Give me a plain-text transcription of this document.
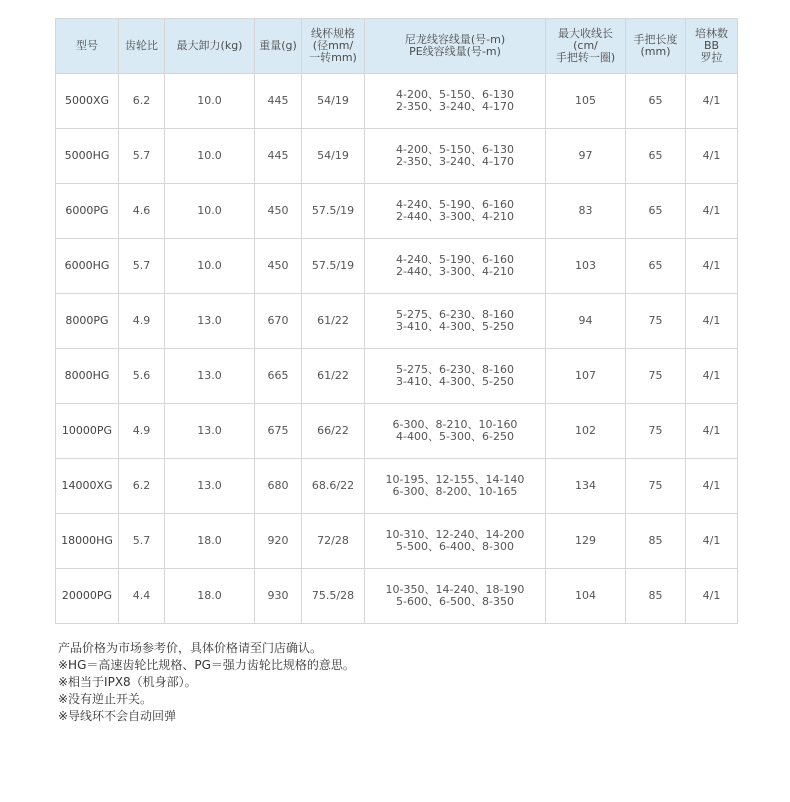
型号	齿轮比	最大卸力(kg)	重量(g)	线杯规格
(径mm/
一转mm)	尼龙线容线量(号-m)
PE线容线量(号-m)	最大收线长
(cm/
手把转一圈)	手把长度
(mm)	培林数
BB
罗拉

5000XG	6.2	10.0	445	54/19	4-200、5-150、6-130
2-350、3-240、4-170	105	65	4/1
5000HG	5.7	10.0	445	54/19	4-200、5-150、6-130
2-350、3-240、4-170	97	65	4/1
6000PG	4.6	10.0	450	57.5/19	4-240、5-190、6-160
2-440、3-300、4-210	83	65	4/1
6000HG	5.7	10.0	450	57.5/19	4-240、5-190、6-160
2-440、3-300、4-210	103	65	4/1
8000PG	4.9	13.0	670	61/22	5-275、6-230、8-160
3-410、4-300、5-250	94	75	4/1
8000HG	5.6	13.0	665	61/22	5-275、6-230、8-160
3-410、4-300、5-250	107	75	4/1
10000PG	4.9	13.0	675	66/22	6-300、8-210、10-160
4-400、5-300、6-250	102	75	4/1
14000XG	6.2	13.0	680	68.6/22	10-195、12-155、14-140
6-300、8-200、10-165	134	75	4/1
18000HG	5.7	18.0	920	72/28	10-310、12-240、14-200
5-500、6-400、8-300	129	85	4/1
20000PG	4.4	18.0	930	75.5/28	10-350、14-240、18-190
5-600、6-500、8-350	104	85	4/1
产品价格为市场参考价，具体价格请至门店确认。
※HG＝高速齿轮比规格、PG＝强力齿轮比规格的意思。
※相当于IPX8（机身部）。
※没有逆止开关。
※导线环不会自动回弹
